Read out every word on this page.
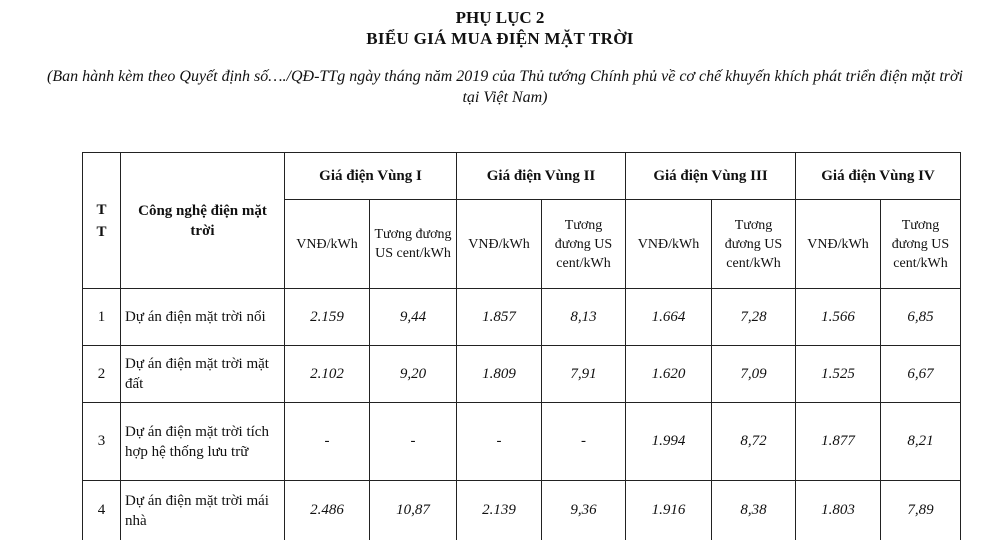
PHỤ LỤC 2
BIỂU GIÁ MUA ĐIỆN MẶT TRỜI
(Ban hành kèm theo Quyết định số…./QĐ-TTg ngày tháng năm 2019 của Thủ tướng Chính phủ về cơ chế khuyến khích phát triển điện mặt trời tại Việt Nam)
T T	Công nghệ điện mặt trời	Giá điện Vùng I		Giá điện Vùng II		Giá điện Vùng III		Giá điện Vùng IV	
		VNĐ/kWh	Tương đương US cent/kWh	VNĐ/kWh	Tương đương US cent/kWh	VNĐ/kWh	Tương đương US cent/kWh	VNĐ/kWh	Tương đương US cent/kWh
1	Dự án điện mặt trời nổi	2.159	9,44	1.857	8,13	1.664	7,28	1.566	6,85
2	Dự án điện mặt trời mặt đất	2.102	9,20	1.809	7,91	1.620	7,09	1.525	6,67
3	Dự án điện mặt trời tích hợp hệ thống lưu trữ	-	-	-	-	1.994	8,72	1.877	8,21
4	Dự án điện mặt trời mái nhà	2.486	10,87	2.139	9,36	1.916	8,38	1.803	7,89
